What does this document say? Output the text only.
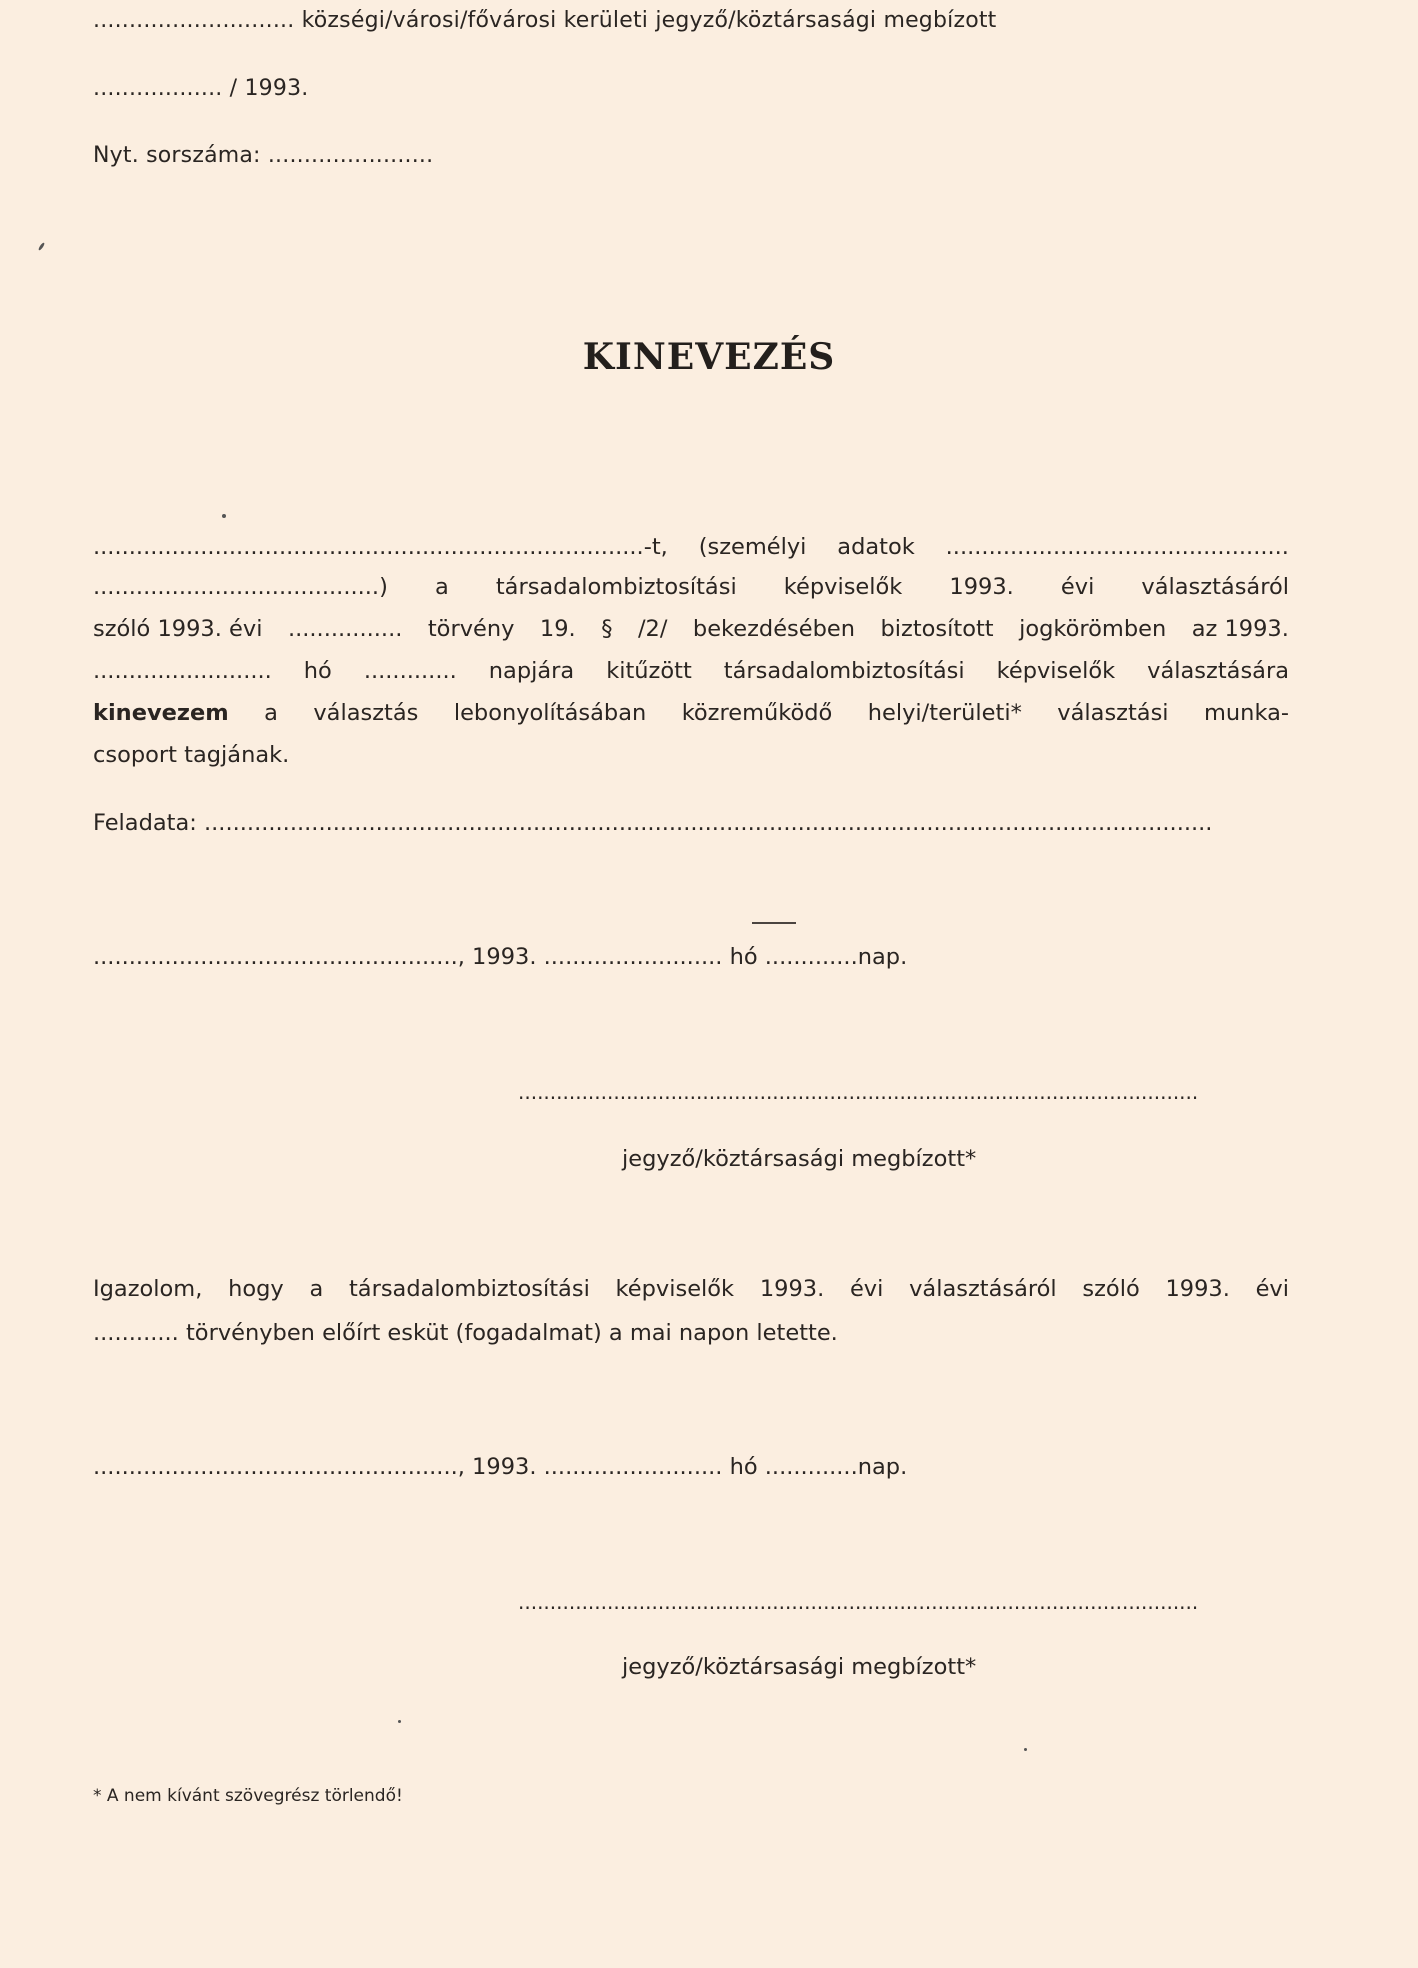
............................ községi/városi/fővárosi kerületi jegyző/köztársasági megbízott
.................. / 1993.
Nyt. sorszáma: .......................
KINEVEZÉS
.............................................................................-t, (személyi adatok ................................................
........................................) a társadalombiztosítási képviselők 1993. évi választásáról
szóló 1993. évi ................ törvény 19. § /2/ bekezdésében biztosított jogkörömben az 1993.
......................... hó ............. napjára kitűzött társadalombiztosítási képviselők választására
kinevezem a választás lebonyolításában közreműködő helyi/területi* választási munka-
csoport tagjának.
Feladata: .............................................................................................................................................
..................................................., 1993. ......................... hó .............nap.
...........................................................................................................
jegyző/köztársasági megbízott*
Igazolom, hogy a társadalombiztosítási képviselők 1993. évi választásáról szóló 1993. évi
............ törvényben előírt esküt (fogadalmat) a mai napon letette.
..................................................., 1993. ......................... hó .............nap.
...........................................................................................................
jegyző/köztársasági megbízott*
* A nem kívánt szövegrész törlendő!
